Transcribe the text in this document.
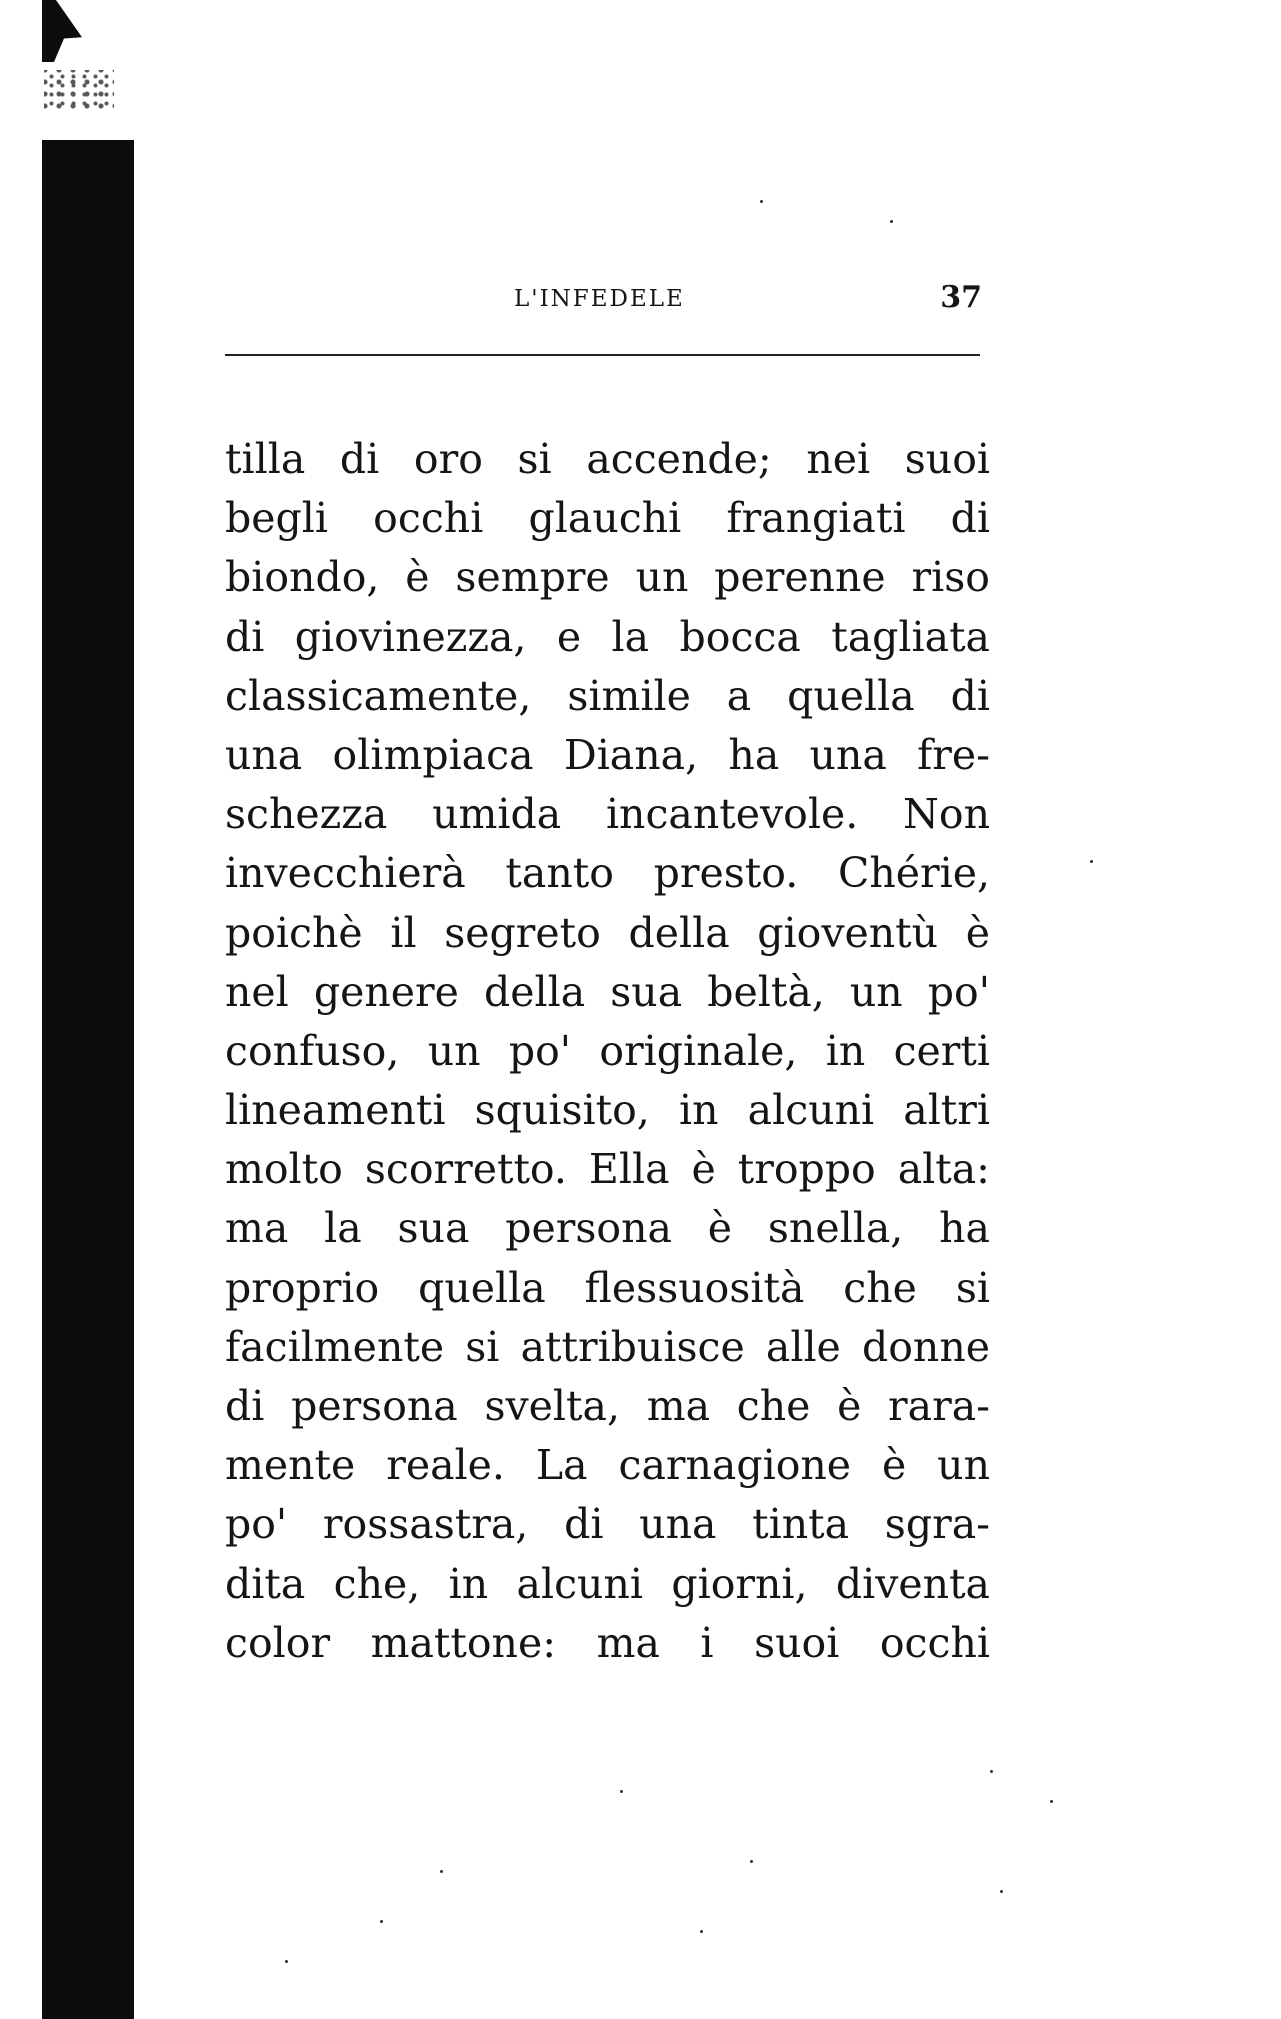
L'INFEDELE	37
tilla di oro si accende; nei suoi
begli occhi glauchi frangiati di
biondo, è sempre un perenne riso
di giovinezza, e la bocca tagliata
classicamente, simile a quella di
una olimpiaca Diana, ha una fre-
schezza umida incantevole. Non
invecchierà tanto presto. Chérie,
poichè il segreto della gioventù è
nel genere della sua beltà, un po'
confuso, un po' originale, in certi
lineamenti squisito, in alcuni altri
molto scorretto. Ella è troppo alta:
ma la sua persona è snella, ha
proprio quella flessuosità che si
facilmente si attribuisce alle donne
di persona svelta, ma che è rara-
mente reale. La carnagione è un
po' rossastra, di una tinta sgra-
dita che, in alcuni giorni, diventa
color mattone: ma i suoi occhi
